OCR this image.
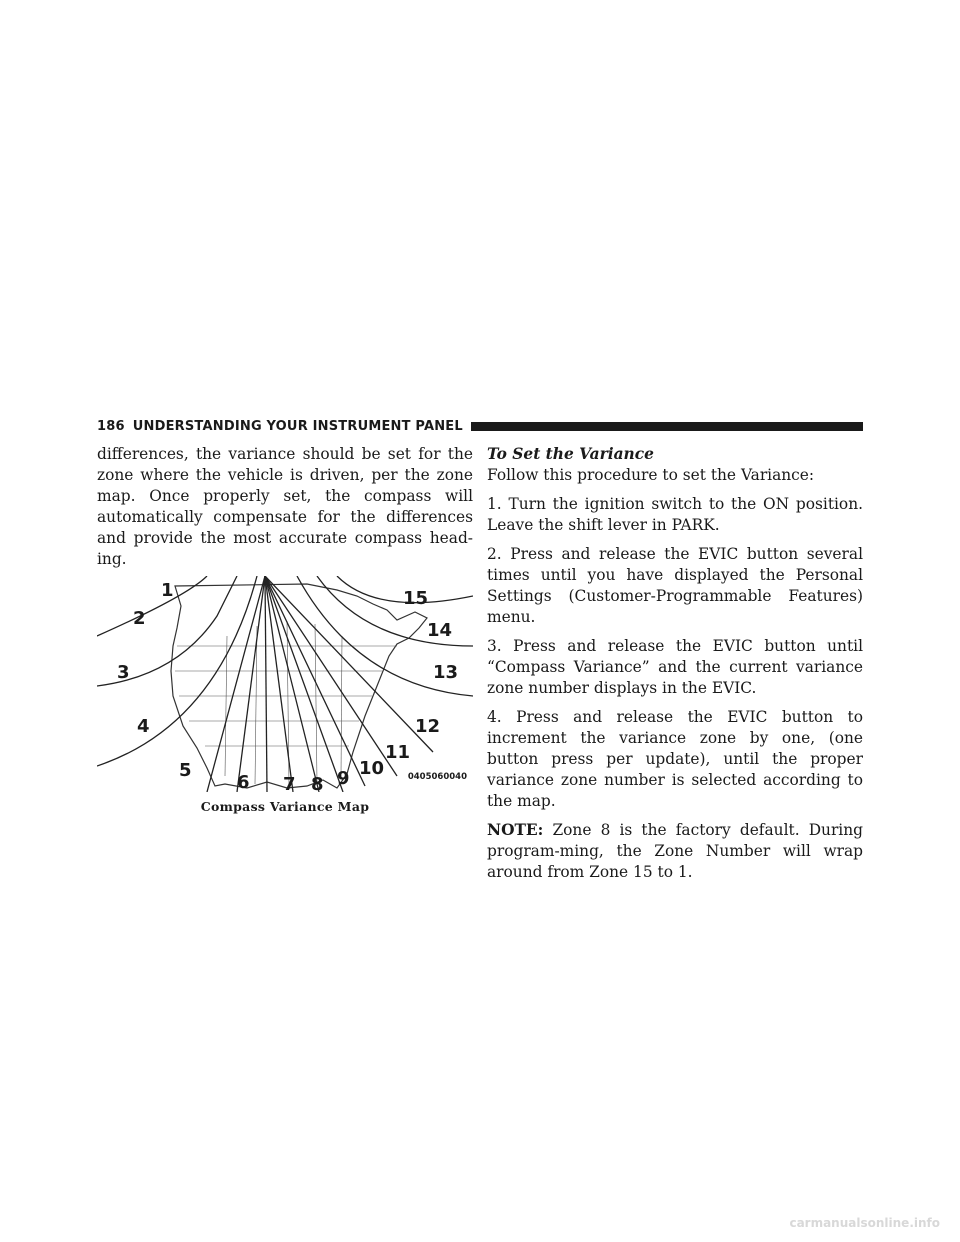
186 UNDERSTANDING YOUR INSTRUMENT PANEL

differences, the variance should be set for the zone where the vehicle is driven, per the zone map. Once properly set, the compass will automatically compensate for the differences and provide the most accurate compass head-ing.

1
2
3
4
5
6 7 8 9 10
11
12
13
14
15
0405060040
Compass Variance Map

To Set the Variance

Follow this procedure to set the Variance:

1. Turn the ignition switch to the ON position. Leave the shift lever in PARK.

2. Press and release the EVIC button several times until you have displayed the Personal Settings (Customer-Programmable Features) menu.

3. Press and release the EVIC button until “Compass Variance” and the current variance zone number displays in the EVIC.

4. Press and release the EVIC button to increment the variance zone by one, (one button press per update), until the proper variance zone number is selected according to the map.

NOTE: Zone 8 is the factory default. During program-ming, the Zone Number will wrap around from Zone 15 to 1.

carmanualsonline.info
